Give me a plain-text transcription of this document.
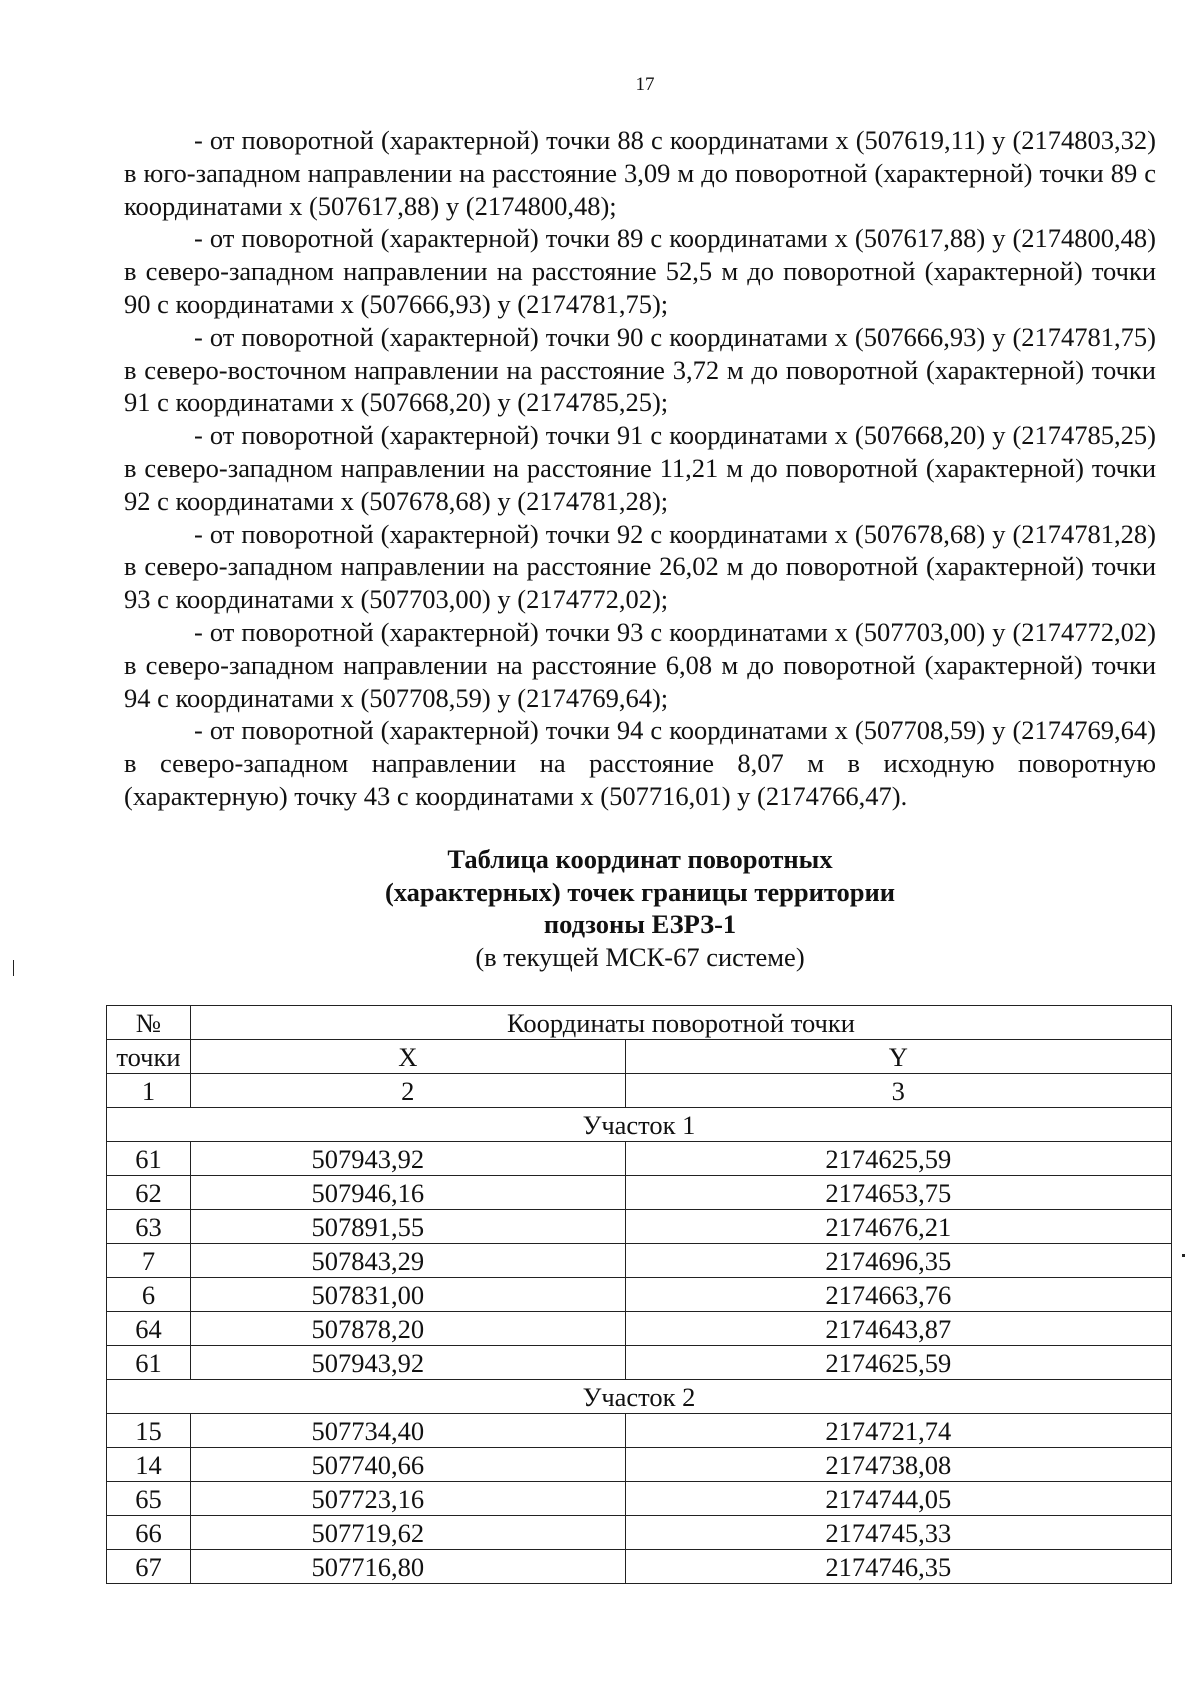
17

- от поворотной (характерной) точки 88 с координатами х (507619,11) у (2174803,32) в юго-западном направлении на расстояние 3,09 м до поворотной (характерной) точки 89 с координатами х (507617,88) у (2174800,48);

- от поворотной (характерной) точки 89 с координатами х (507617,88) у (2174800,48) в северо-западном направлении на расстояние 52,5 м до поворотной (характерной) точки 90 с координатами х (507666,93) у (2174781,75);

- от поворотной (характерной) точки 90 с координатами х (507666,93) у (2174781,75) в северо-восточном направлении на расстояние 3,72 м до поворотной (характерной) точки 91 с координатами х (507668,20) у (2174785,25);

- от поворотной (характерной) точки 91 с координатами х (507668,20) у (2174785,25) в северо-западном направлении на расстояние 11,21 м до поворотной (характерной) точки 92 с координатами х (507678,68) у (2174781,28);

- от поворотной (характерной) точки 92 с координатами х (507678,68) у (2174781,28) в северо-западном направлении на расстояние 26,02 м до поворотной (характерной) точки 93 с координатами х (507703,00) у (2174772,02);

- от поворотной (характерной) точки 93 с координатами х (507703,00) у (2174772,02) в северо-западном направлении на расстояние 6,08 м до поворотной (характерной) точки 94 с координатами х (507708,59) у (2174769,64);

- от поворотной (характерной) точки 94 с координатами х (507708,59) у (2174769,64) в северо-западном направлении на расстояние 8,07 м в исходную поворотную (характерную) точку 43 с координатами х (507716,01) у (2174766,47).

Таблица координат поворотных
(характерных) точек границы территории
подзоны ЕЗРЗ-1
(в текущей МСК-67 системе)
№	Координаты поворотной точки	
точки	X	Y
1	2	3
Участок 1		
61	507943,92	2174625,59
62	507946,16	2174653,75
63	507891,55	2174676,21
7	507843,29	2174696,35
6	507831,00	2174663,76
64	507878,20	2174643,87
61	507943,92	2174625,59
Участок 2		
15	507734,40	2174721,74
14	507740,66	2174738,08
65	507723,16	2174744,05
66	507719,62	2174745,33
67	507716,80	2174746,35
